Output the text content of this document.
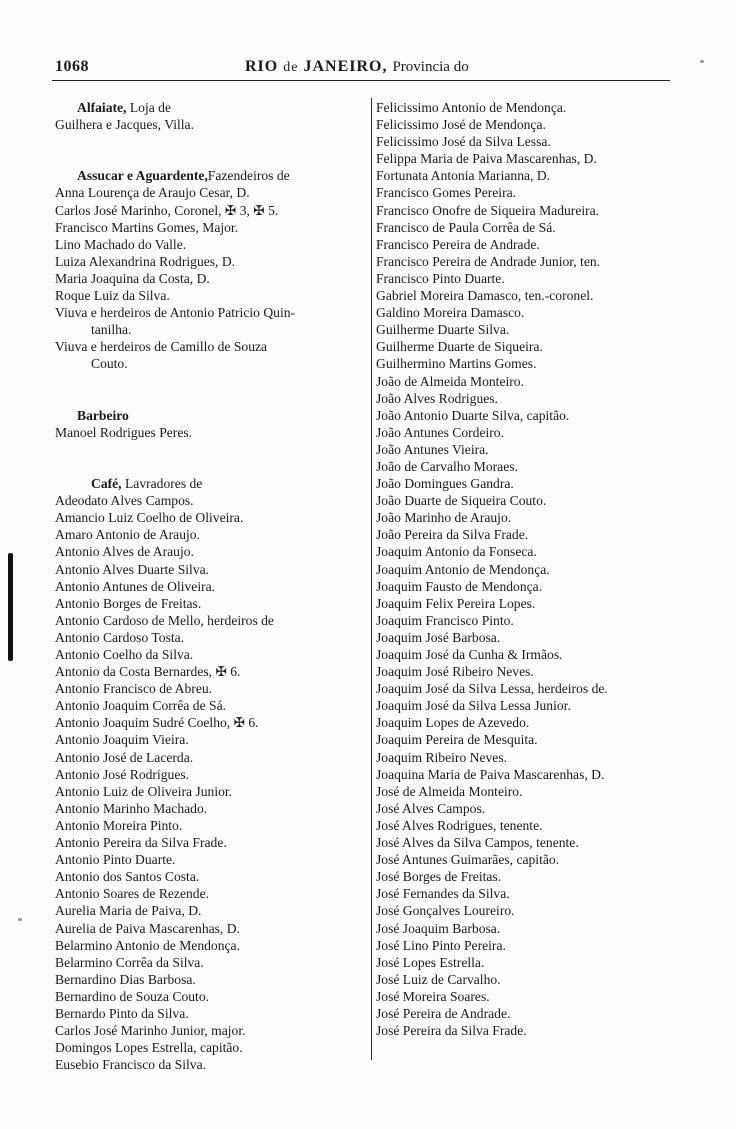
1068	RIO de JANEIRO, Provincia do
Alfaiate, Loja de
Guilhera e Jacques, Villa.
Assucar e Aguardente,Fazendeiros de
Anna Lourença de Araujo Cesar, D.
Carlos José Marinho, Coronel, ✠ 3, ✠ 5.
Francisco Martins Gomes, Major.
Lino Machado do Valle.
Luiza Alexandrina Rodrigues, D.
Maria Joaquina da Costa, D.
Roque Luiz da Silva.
Viuva e herdeiros de Antonio Patricio Quin-
tanilha.
Viuva e herdeiros de Camillo de Souza
Couto.
Barbeiro
Manoel Rodrigues Peres.
Café, Lavradores de
Adeodato Alves Campos.
Amancio Luiz Coelho de Oliveira.
Amaro Antonio de Araujo.
Antonio Alves de Araujo.
Antonio Alves Duarte Silva.
Antonio Antunes de Oliveira.
Antonio Borges de Freitas.
Antonio Cardoso de Mello, herdeiros de
Antonio Cardoso Tosta.
Antonio Coelho da Silva.
Antonio da Costa Bernardes, ✠ 6.
Antonio Francisco de Abreu.
Antonio Joaquim Corrêa de Sá.
Antonio Joaquim Sudré Coelho, ✠ 6.
Antonio Joaquim Vieira.
Antonio José de Lacerda.
Antonio José Rodrigues.
Antonio Luiz de Oliveira Junior.
Antonio Marinho Machado.
Antonio Moreira Pinto.
Antonio Pereira da Silva Frade.
Antonio Pinto Duarte.
Antonio dos Santos Costa.
Antonio Soares de Rezende.
Aurelia Maria de Paiva, D.
Aurelia de Paiva Mascarenhas, D.
Belarmino Antonio de Mendonça.
Belarmino Corrêa da Silva.
Bernardino Dias Barbosa.
Bernardino de Souza Couto.
Bernardo Pinto da Silva.
Carlos José Marinho Junior, major.
Domingos Lopes Estrella, capitão.
Eusebio Francisco da Silva.
Felicissimo Antonio de Mendonça.
Felicissimo José de Mendonça.
Felicissimo José da Silva Lessa.
Felippa Maria de Paiva Mascarenhas, D.
Fortunata Antonia Marianna, D.
Francisco Gomes Pereira.
Francisco Onofre de Siqueira Madureira.
Francisco de Paula Corrêa de Sá.
Francisco Pereira de Andrade.
Francisco Pereira de Andrade Junior, ten.
Francisco Pinto Duarte.
Gabriel Moreira Damasco, ten.-coronel.
Galdino Moreira Damasco.
Guilherme Duarte Silva.
Guilherme Duarte de Siqueira.
Guilhermino Martins Gomes.
João de Almeida Monteiro.
João Alves Rodrigues.
João Antonio Duarte Silva, capitão.
João Antunes Cordeiro.
João Antunes Vieira.
João de Carvalho Moraes.
João Domingues Gandra.
João Duarte de Siqueira Couto.
João Marinho de Araujo.
João Pereira da Silva Frade.
Joaquim Antonio da Fonseca.
Joaquim Antonio de Mendonça.
Joaquim Fausto de Mendonça.
Joaquim Felix Pereira Lopes.
Joaquim Francisco Pinto.
Joaquim José Barbosa.
Joaquim José da Cunha & Irmãos.
Joaquim José Ribeiro Neves.
Joaquim José da Silva Lessa, herdeiros de.
Joaquim José da Silva Lessa Junior.
Joaquim Lopes de Azevedo.
Joaquim Pereira de Mesquita.
Joaquim Ribeiro Neves.
Joaquina Maria de Paiva Mascarenhas, D.
José de Almeida Monteiro.
José Alves Campos.
José Alves Rodrigues, tenente.
José Alves da Silva Campos, tenente.
José Antunes Guimarães, capitão.
José Borges de Freitas.
José Fernandes da Silva.
José Gonçalves Loureiro.
José Joaquim Barbosa.
José Lino Pinto Pereira.
José Lopes Estrella.
José Luiz de Carvalho.
José Moreira Soares.
José Pereira de Andrade.
José Pereira da Silva Frade.
